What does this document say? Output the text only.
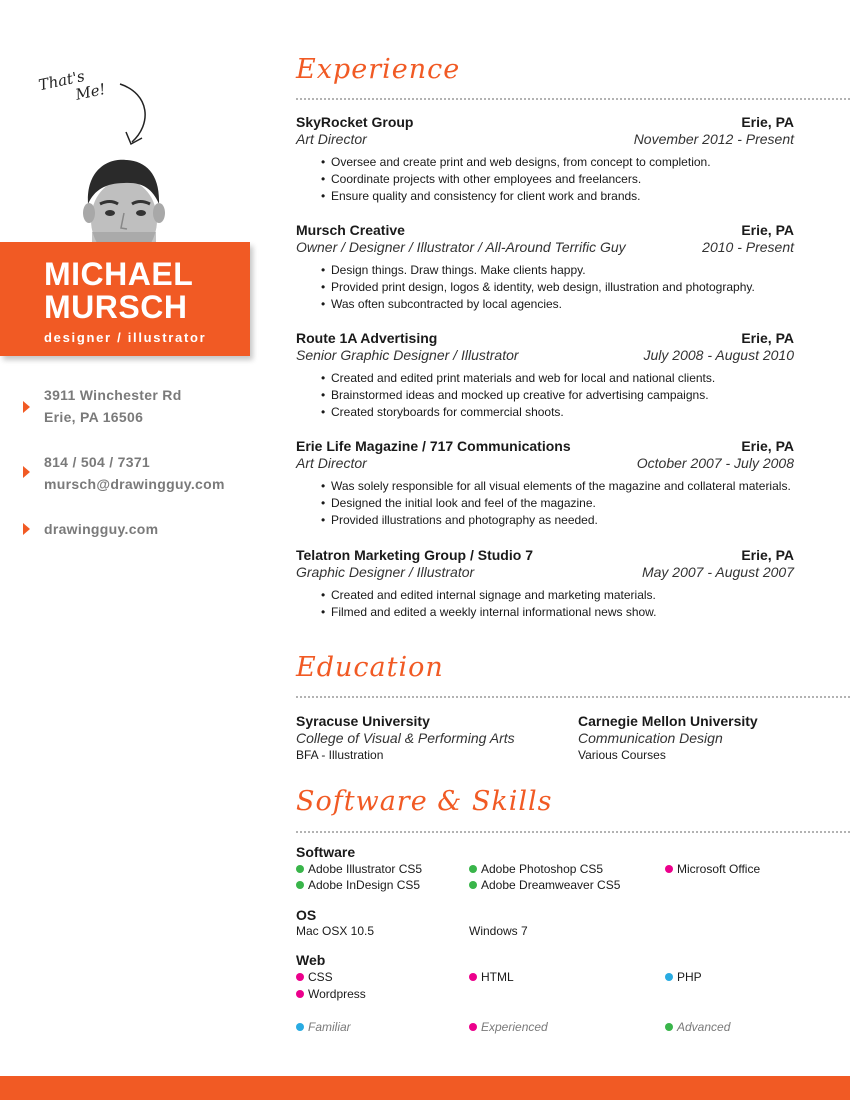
That's
Me!
MICHAEL
MURSCH
designer / illustrator
3911 Winchester Rd
Erie, PA 16506
814 / 504 / 7371
mursch@drawingguy.com
drawingguy.com
Experience
SkyRocket Group	Erie, PA
Art Director	November 2012 - Present
• Oversee and create print and web designs, from concept to completion.
• Coordinate projects with other employees and freelancers.
• Ensure quality and consistency for client work and brands.
Mursch Creative	Erie, PA
Owner / Designer / Illustrator / All-Around Terrific Guy	2010 - Present
• Design things. Draw things. Make clients happy.
• Provided print design, logos & identity, web design, illustration and photography.
• Was often subcontracted by local agencies.
Route 1A Advertising	Erie, PA
Senior Graphic Designer / Illustrator	July 2008 - August 2010
• Created and edited print materials and web for local and national clients.
• Brainstormed ideas and mocked up creative for advertising campaigns.
• Created storyboards for commercial shoots.
Erie Life Magazine / 717 Communications	Erie, PA
Art Director	October 2007 - July 2008
• Was solely responsible for all visual elements of the magazine and collateral materials.
• Designed the initial look and feel of the magazine.
• Provided illustrations and photography as needed.
Telatron Marketing Group / Studio 7	Erie, PA
Graphic Designer / Illustrator	May 2007 - August 2007
• Created and edited internal signage and marketing materials.
• Filmed and edited a weekly internal informational news show.
Education
Syracuse University
College of Visual & Performing Arts
BFA - Illustration
Carnegie Mellon University
Communication Design
Various Courses
Software & Skills
Software
Adobe Illustrator CS5	Adobe Photoshop CS5	Microsoft Office
Adobe InDesign CS5	Adobe Dreamweaver CS5
OS
Mac OSX 10.5	Windows 7
Web
CSS	HTML	PHP
Wordpress
Familiar	Experienced	Advanced
